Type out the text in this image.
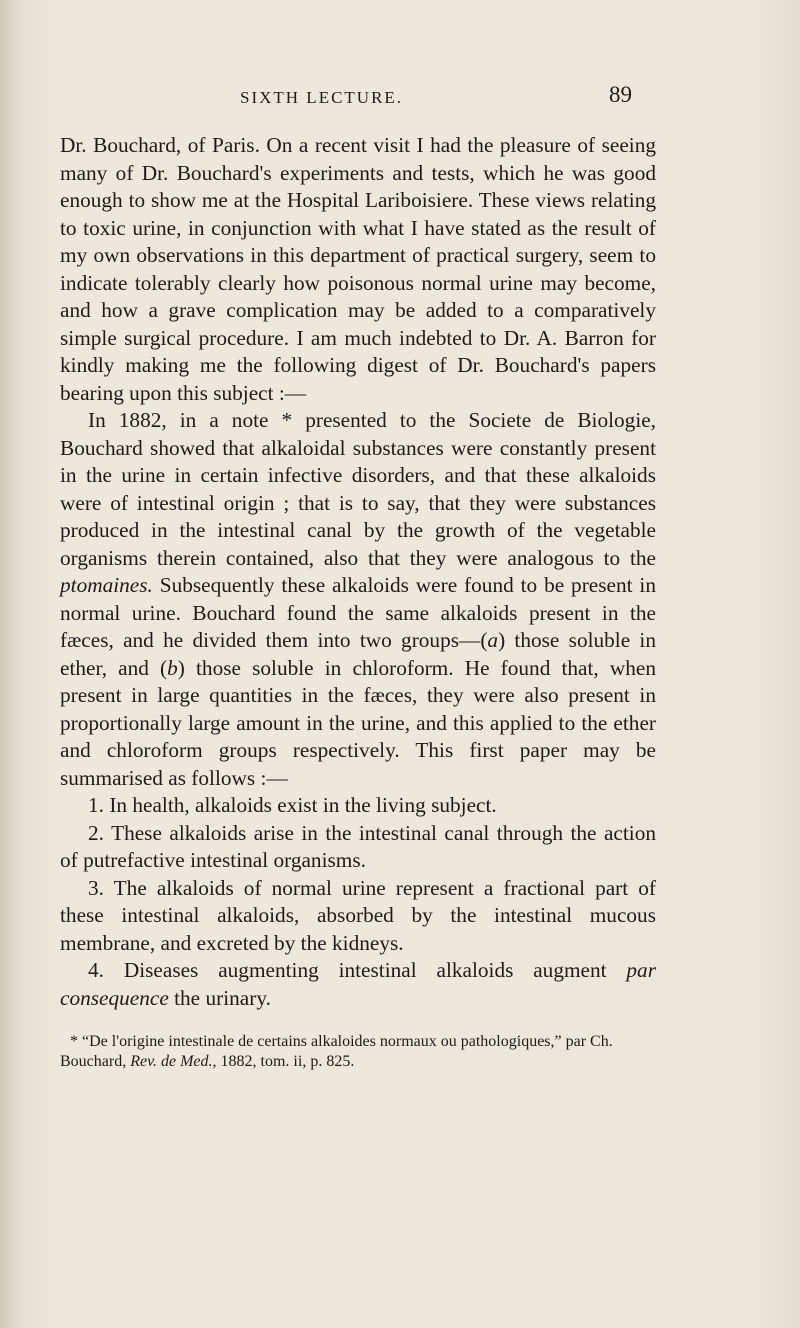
SIXTH LECTURE.	89

Dr. Bouchard, of Paris. On a recent visit I had the pleasure of seeing many of Dr. Bouchard's experiments and tests, which he was good enough to show me at the Hospital Lariboisiere. These views relating to toxic urine, in conjunction with what I have stated as the result of my own observations in this department of practical surgery, seem to indicate tolerably clearly how poisonous normal urine may become, and how a grave complication may be added to a comparatively simple surgical procedure. I am much indebted to Dr. A. Barron for kindly making me the following digest of Dr. Bouchard's papers bearing upon this subject :—

In 1882, in a note * presented to the Societe de Biologie, Bouchard showed that alkaloidal substances were constantly present in the urine in certain infective disorders, and that these alkaloids were of intestinal origin ; that is to say, that they were substances produced in the intestinal canal by the growth of the vegetable organisms therein contained, also that they were analogous to the ptomaines. Subsequently these alkaloids were found to be present in normal urine. Bouchard found the same alkaloids present in the fæces, and he divided them into two groups—(a) those soluble in ether, and (b) those soluble in chloroform. He found that, when present in large quantities in the fæces, they were also present in proportionally large amount in the urine, and this applied to the ether and chloroform groups respectively. This first paper may be summarised as follows :—

1. In health, alkaloids exist in the living subject.
2. These alkaloids arise in the intestinal canal through the action of putrefactive intestinal organisms.
3. The alkaloids of normal urine represent a fractional part of these intestinal alkaloids, absorbed by the intestinal mucous membrane, and excreted by the kidneys.
4. Diseases augmenting intestinal alkaloids augment par consequence the urinary.

* “De l'origine intestinale de certains alkaloides normaux ou pathologiques,” par Ch. Bouchard, Rev. de Med., 1882, tom. ii, p. 825.
